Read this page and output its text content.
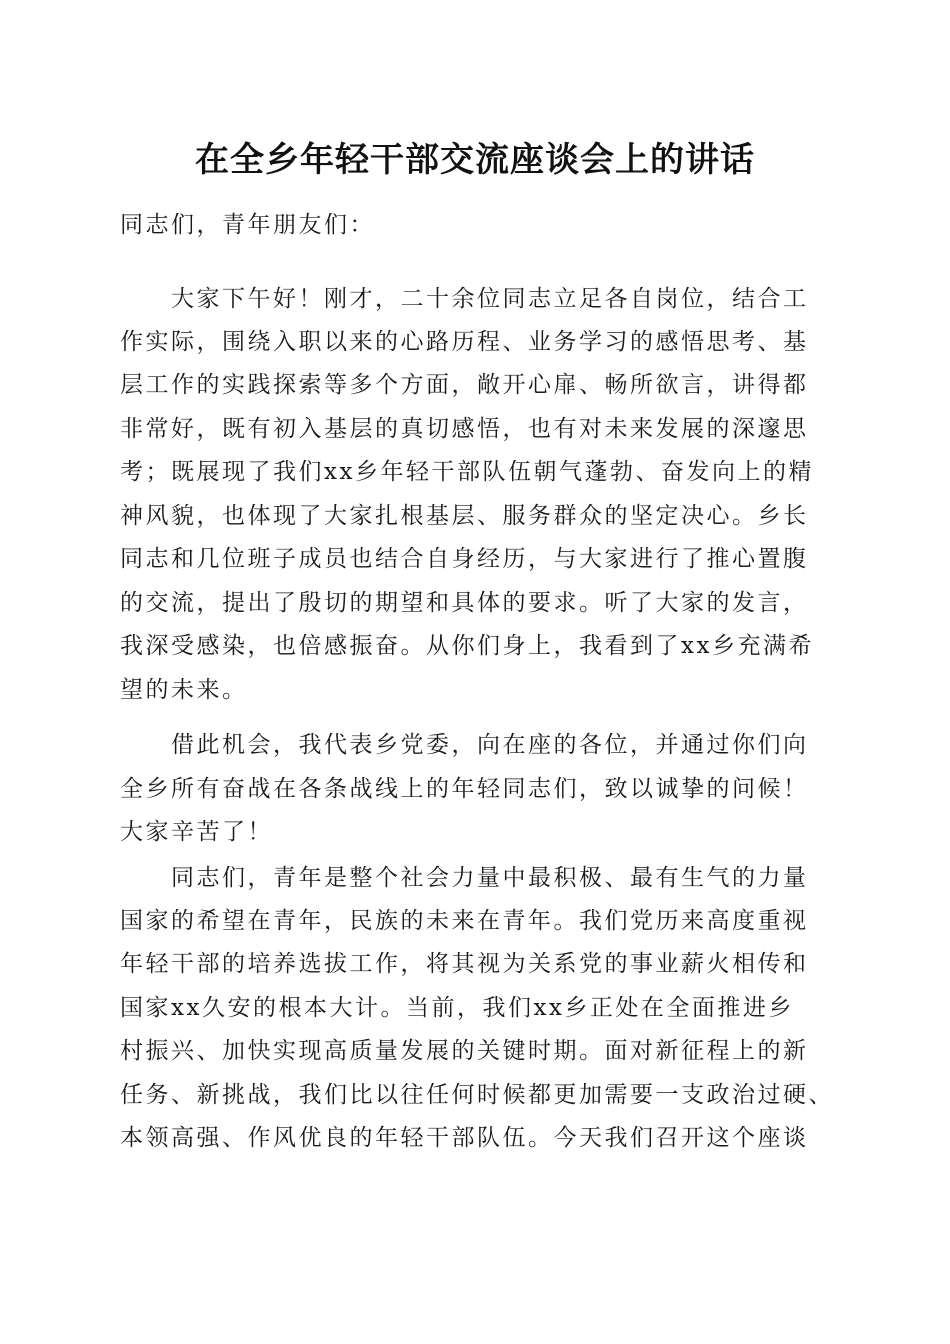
在全乡年轻干部交流座谈会上的讲话
同志们，青年朋友们：
大家下午好！刚才，二十余位同志立足各自岗位，结合工
作实际，围绕入职以来的心路历程、业务学习的感悟思考、基
层工作的实践探索等多个方面，敞开心扉、畅所欲言，讲得都
非常好，既有初入基层的真切感悟，也有对未来发展的深邃思
考；既展现了我们xx乡年轻干部队伍朝气蓬勃、奋发向上的精
神风貌，也体现了大家扎根基层、服务群众的坚定决心。乡长
同志和几位班子成员也结合自身经历，与大家进行了推心置腹
的交流，提出了殷切的期望和具体的要求。听了大家的发言，
我深受感染，也倍感振奋。从你们身上，我看到了xx乡充满希
望的未来。
借此机会，我代表乡党委，向在座的各位，并通过你们向
全乡所有奋战在各条战线上的年轻同志们，致以诚挚的问候！
大家辛苦了！
同志们，青年是整个社会力量中最积极、最有生气的力量
国家的希望在青年，民族的未来在青年。我们党历来高度重视
年轻干部的培养选拔工作，将其视为关系党的事业薪火相传和
国家xx久安的根本大计。当前，我们xx乡正处在全面推进乡
村振兴、加快实现高质量发展的关键时期。面对新征程上的新
任务、新挑战，我们比以往任何时候都更加需要一支政治过硬、
本领高强、作风优良的年轻干部队伍。今天我们召开这个座谈
